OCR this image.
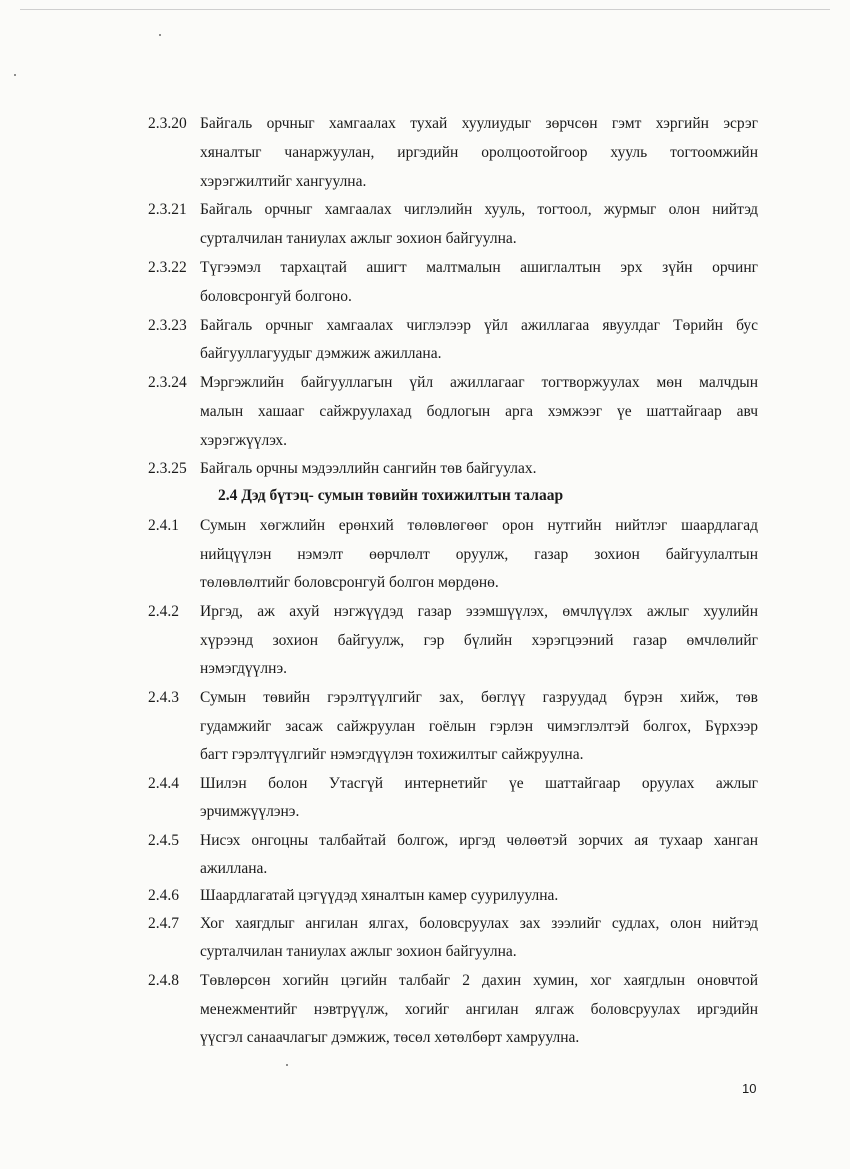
2.3.20 Байгаль орчныг хамгаалах тухай хуулиудыг зөрчсөн гэмт хэргийн эсрэг
хяналтыг чанаржуулан, иргэдийн оролцоотойгоор хууль тогтоомжийн
хэрэгжилтийг хангуулна.
2.3.21 Байгаль орчныг хамгаалах чиглэлийн хууль, тогтоол, журмыг олон нийтэд
сурталчилан таниулах ажлыг зохион байгуулна.
2.3.22 Түгээмэл тархацтай ашигт малтмалын ашиглалтын эрх зүйн орчинг
боловсронгуй болгоно.
2.3.23 Байгаль орчныг хамгаалах чиглэлээр үйл ажиллагаа явуулдаг Төрийн бус
байгууллагуудыг дэмжиж ажиллана.
2.3.24 Мэргэжлийн байгууллагын үйл ажиллагааг тогтворжуулах мөн малчдын
малын хашааг сайжруулахад бодлогын арга хэмжээг үе шаттайгаар авч
хэрэгжүүлэх.
2.3.25 Байгаль орчны мэдээллийн сангийн төв байгуулах.
2.4 Дэд бүтэц- сумын төвийн тохижилтын талаар
2.4.1 Сумын хөгжлийн ерөнхий төлөвлөгөөг орон нутгийн нийтлэг шаардлагад
нийцүүлэн нэмэлт өөрчлөлт оруулж, газар зохион байгуулалтын
төлөвлөлтийг боловсронгуй болгон мөрдөнө.
2.4.2 Иргэд, аж ахуй нэгжүүдэд газар эзэмшүүлэх, өмчлүүлэх ажлыг хуулийн
хүрээнд зохион байгуулж, гэр бүлийн хэрэгцээний газар өмчлөлийг
нэмэгдүүлнэ.
2.4.3 Сумын төвийн гэрэлтүүлгийг зах, бөглүү газруудад бүрэн хийж, төв
гудамжийг засаж сайжруулан гоёлын гэрлэн чимэглэлтэй болгох, Бүрхээр
багт гэрэлтүүлгийг нэмэгдүүлэн тохижилтыг сайжруулна.
2.4.4 Шилэн болон Утасгүй интернетийг үе шаттайгаар оруулах ажлыг
эрчимжүүлэнэ.
2.4.5 Нисэх онгоцны талбайтай болгож, иргэд чөлөөтэй зорчих ая тухаар ханган
ажиллана.
2.4.6 Шаардлагатай цэгүүдэд хяналтын камер суурилуулна.
2.4.7 Хог хаягдлыг ангилан ялгах, боловсруулах зах зээлийг судлах, олон нийтэд
сурталчилан таниулах ажлыг зохион байгуулна.
2.4.8 Төвлөрсөн хогийн цэгийн талбайг 2 дахин хумин, хог хаягдлын оновчтой
менежментийг нэвтрүүлж, хогийг ангилан ялгаж боловсруулах иргэдийн
үүсгэл санаачлагыг дэмжиж, төсөл хөтөлбөрт хамруулна.
10
